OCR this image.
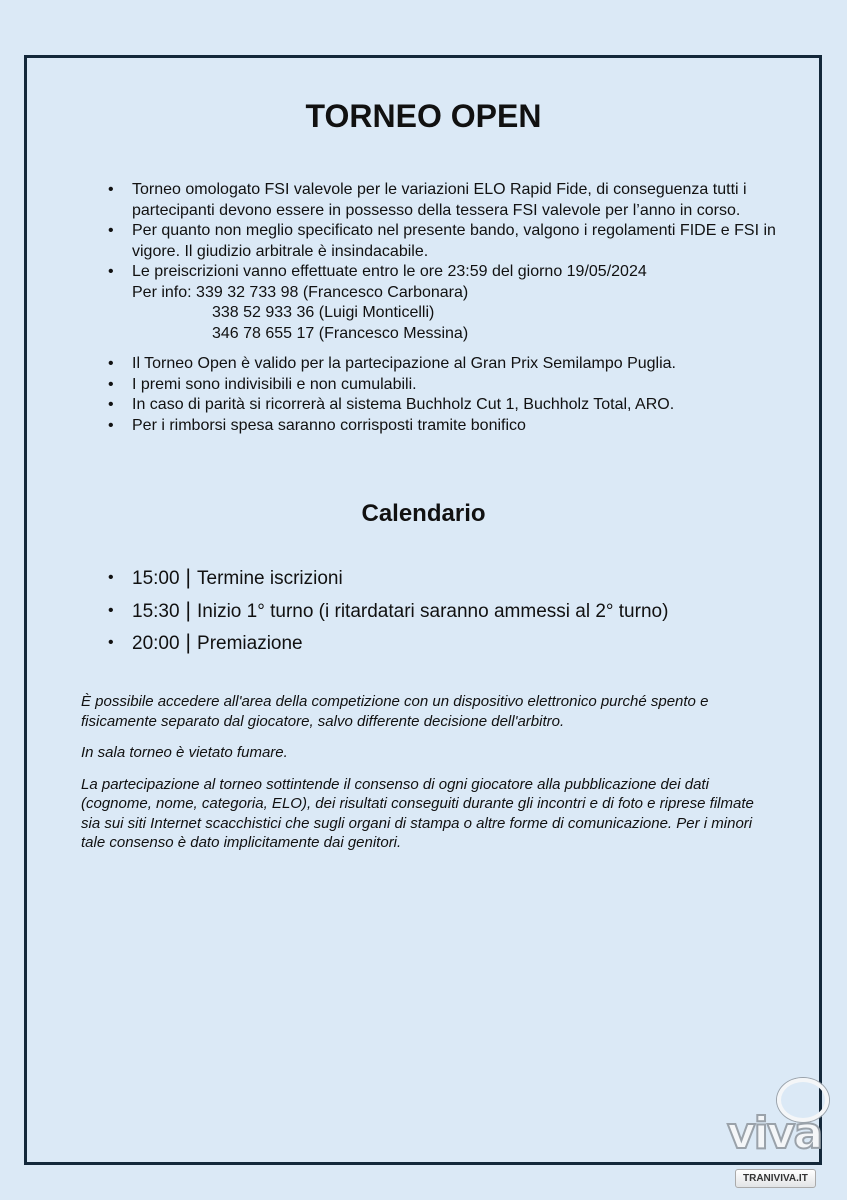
TORNEO OPEN
• Torneo omologato FSI valevole per le variazioni ELO Rapid Fide, di conseguenza tutti i partecipanti devono essere in possesso della tessera FSI valevole per l’anno in corso.
• Per quanto non meglio specificato nel presente bando, valgono i regolamenti FIDE e FSI in vigore. Il giudizio arbitrale è insindacabile.
• Le preiscrizioni vanno effettuate entro le ore 23:59 del giorno 19/05/2024
Per info: 339 32 733 98 (Francesco Carbonara)
338 52 933 36 (Luigi Monticelli)
346 78 655 17 (Francesco Messina)
• Il Torneo Open è valido per la partecipazione al Gran Prix Semilampo Puglia.
• I premi sono indivisibili e non cumulabili.
• In caso di parità si ricorrerà al sistema Buchholz Cut 1, Buchholz Total, ARO.
• Per i rimborsi spesa saranno corrisposti tramite bonifico
Calendario
• 15:00 | Termine iscrizioni
• 15:30 | Inizio 1° turno (i ritardatari saranno ammessi al 2° turno)
• 20:00 | Premiazione

È possibile accedere all'area della competizione con un dispositivo elettronico purché spento e fisicamente separato dal giocatore, salvo differente decisione dell'arbitro.

In sala torneo è vietato fumare.

La partecipazione al torneo sottintende il consenso di ogni giocatore alla pubblicazione dei dati (cognome, nome, categoria, ELO), dei risultati conseguiti durante gli incontri e di foto e riprese filmate sia sui siti Internet scacchistici che sugli organi di stampa o altre forme di comunicazione. Per i minori tale consenso è dato implicitamente dai genitori.

viva
TRANIVIVA.IT
